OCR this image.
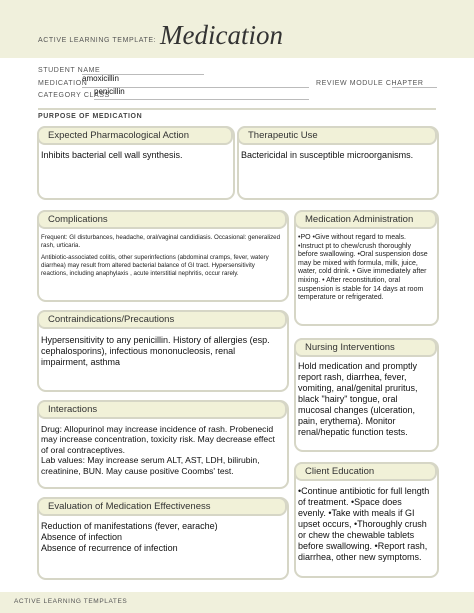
ACTIVE LEARNING TEMPLATE: Medication
STUDENT NAME
MEDICATION
amoxicillin
REVIEW MODULE CHAPTER
CATEGORY CLASS
penicillin
PURPOSE OF MEDICATION
Expected Pharmacological Action
Inhibits bacterial cell wall synthesis.
Therapeutic Use
Bactericidal in susceptible microorganisms.
Complications
Frequent: GI disturbances, headache, oral/vaginal candidiasis. Occasional: generalized rash, urticaria.
Antibiotic-associated colitis, other superinfections (abdominal cramps, fever, watery diarrhea) may result from altered bacterial balance of GI tract. Hypersensitivity reactions, including anaphylaxis , acute interstitial nephritis, occur rarely.
Medication Administration
•PO •Give without regard to meals. •Instruct pt to chew/crush thoroughly before swallowing. •Oral suspension dose may be mixed with formula, milk, juice, water, cold drink. • Give immediately after mixing. • After reconstitution, oral suspension is stable for 14 days at room temperature or refrigerated.
Contraindications/Precautions
Hypersensitivity to any penicillin. History of allergies (esp. cephalosporins), infectious mononucleosis, renal impairment, asthma
Nursing Interventions
Hold medication and promptly report rash, diarrhea, fever, vomiting, anal/genital pruritus, black "hairy" tongue, oral mucosal changes (ulceration, pain, erythema). Monitor renal/hepatic function tests.
Interactions
Drug: Allopurinol may increase incidence of rash. Probenecid may increase concentration, toxicity risk. May decrease effect of oral contraceptives.
Lab values: May increase serum ALT, AST, LDH, bilirubin, creatinine, BUN. May cause positive Coombs' test.	Client Education
•Continue antibiotic for full length of treatment. •Space does evenly. •Take with meals if GI upset occurs, •Thoroughly crush or chew the chewable tablets before swallowing. •Report rash, diarrhea, other new symptoms.
Evaluation of Medication Effectiveness
Reduction of manifestations (fever, earache)
Absence of infection
Absence of recurrence of infection
ACTIVE LEARNING TEMPLATES
